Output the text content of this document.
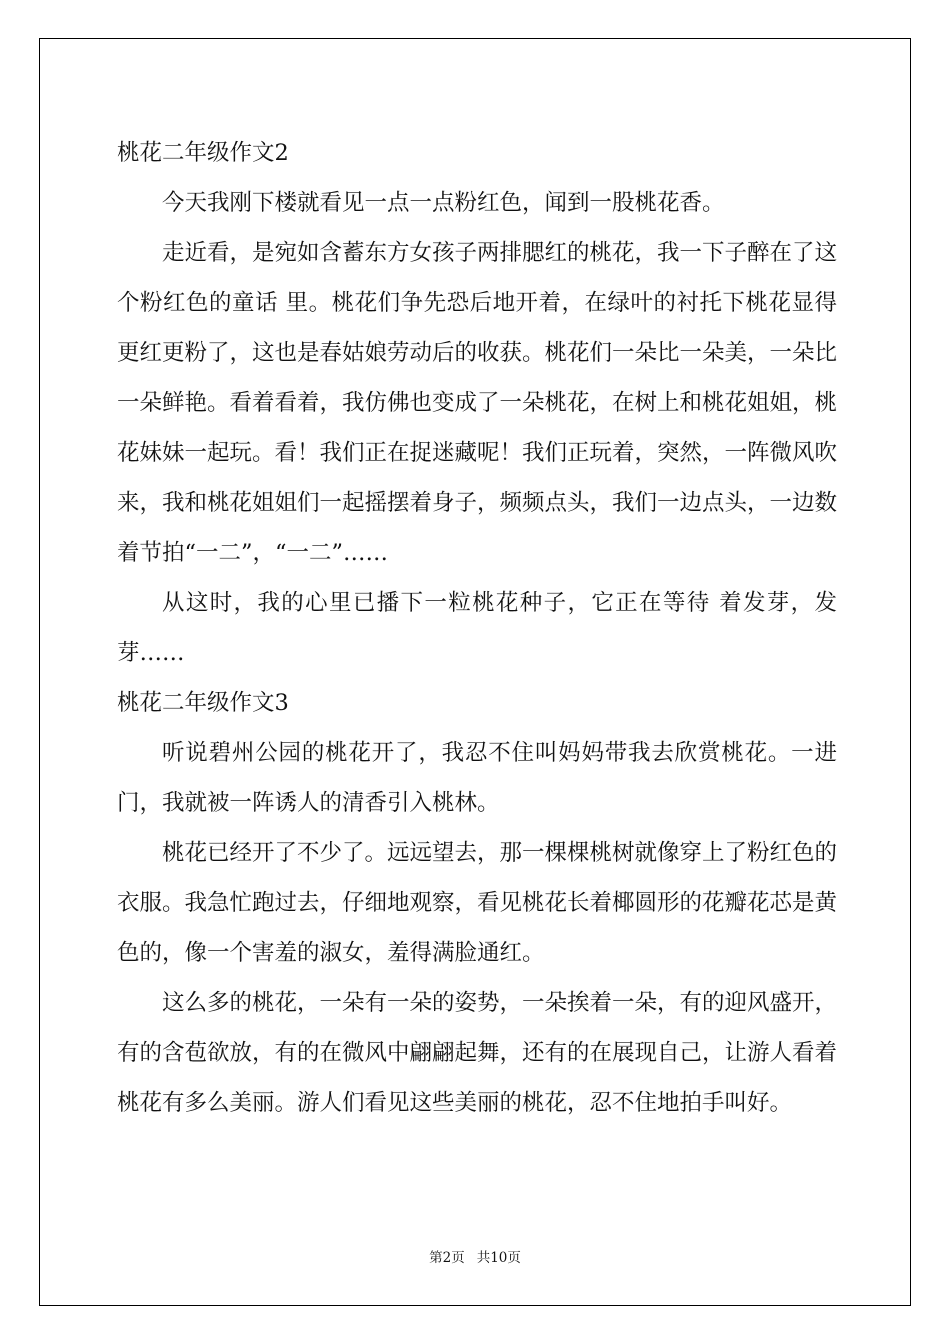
桃花二年级作文2

今天我刚下楼就看见一点一点粉红色，闻到一股桃花香。

走近看，是宛如含蓄东方女孩子两排腮红的桃花，我一下子醉在了这个粉红色的童话 里。桃花们争先恐后地开着，在绿叶的衬托下桃花显得更红更粉了，这也是春姑娘劳动后的收获。桃花们一朵比一朵美，一朵比一朵鲜艳。看着看着，我仿佛也变成了一朵桃花，在树上和桃花姐姐，桃花妹妹一起玩。看！我们正在捉迷藏呢！我们正玩着，突然，一阵微风吹来，我和桃花姐姐们一起摇摆着身子，频频点头，我们一边点头，一边数着节拍“一二”，“一二”……

从这时，我的心里已播下一粒桃花种子，它正在等待 着发芽，发芽……

桃花二年级作文3

听说碧州公园的桃花开了，我忍不住叫妈妈带我去欣赏桃花。一进门，我就被一阵诱人的清香引入桃林。

桃花已经开了不少了。远远望去，那一棵棵桃树就像穿上了粉红色的衣服。我急忙跑过去，仔细地观察，看见桃花长着椰圆形的花瓣花芯是黄色的，像一个害羞的淑女，羞得满脸通红。

这么多的桃花，一朵有一朵的姿势，一朵挨着一朵，有的迎风盛开，有的含苞欲放，有的在微风中翩翩起舞，还有的在展现自己，让游人看着桃花有多么美丽。游人们看见这些美丽的桃花，忍不住地拍手叫好。

第2页 共10页
